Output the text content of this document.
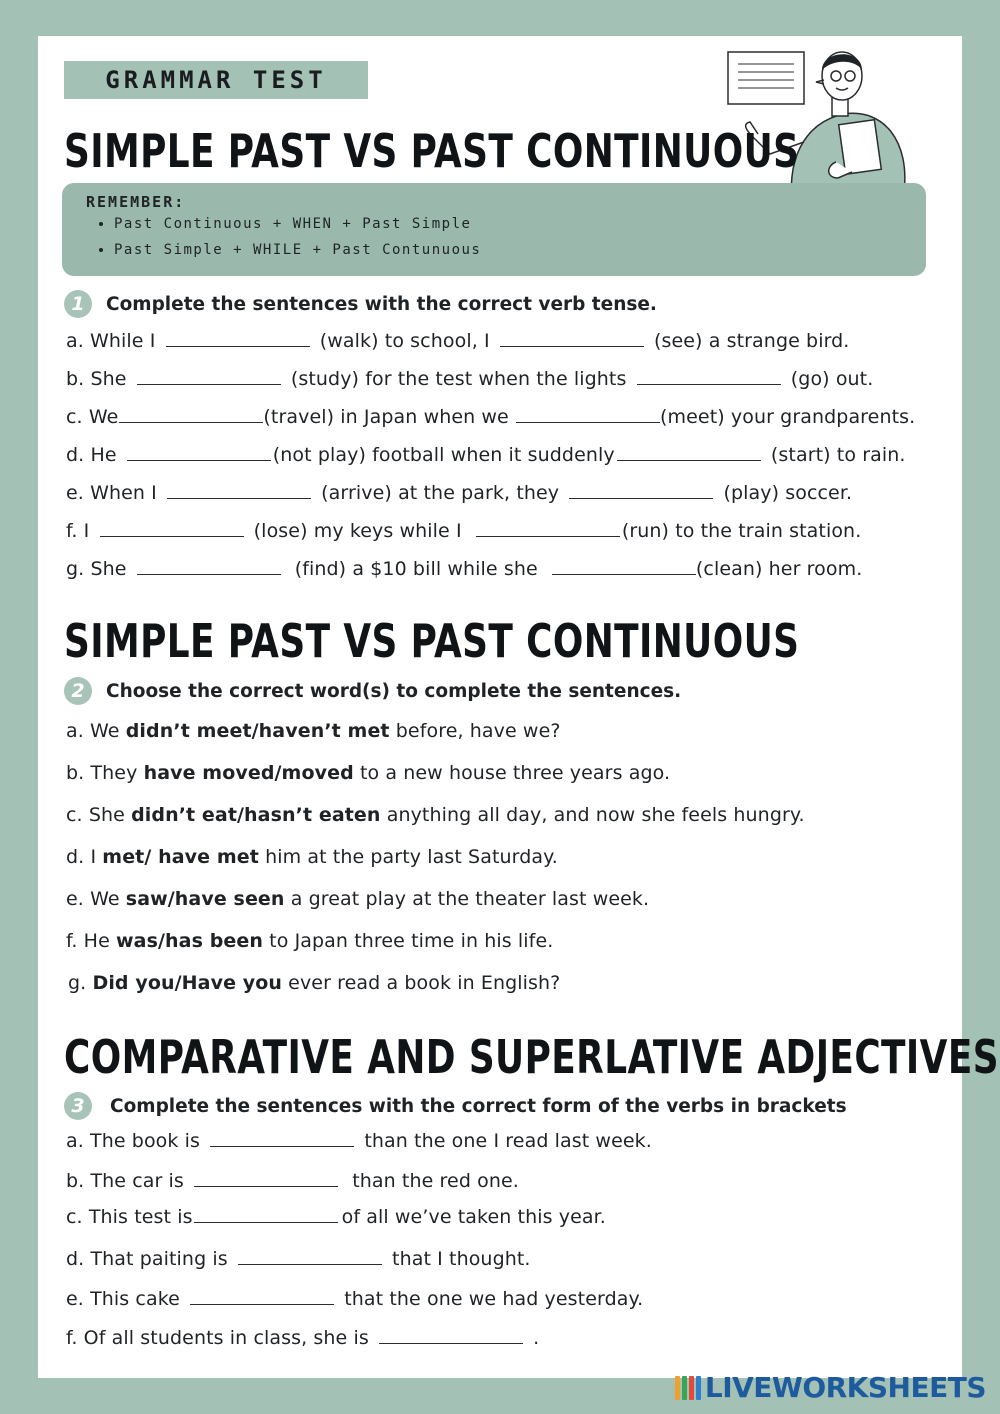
GRAMMAR TEST
SIMPLE PAST VS PAST CONTINUOUS
REMEMBER:
• Past Continuous + WHEN + Past Simple
• Past Simple + WHILE + Past Contunuous
1	Complete the sentences with the correct verb tense.
a. While I	(walk) to school, I	(see) a strange bird.
b. She	(study) for the test when the lights	(go) out.
c. We	(travel) in Japan when we	(meet) your grandparents.
d. He	(not play) football when it suddenly	(start) to rain.
e. When I	(arrive) at the park, they	(play) soccer.
f. I	(lose) my keys while I	(run) to the train station.
g. She	(find) a $10 bill while she	(clean) her room.
SIMPLE PAST VS PAST CONTINUOUS
2	Choose the correct word(s) to complete the sentences.
a. We didn’t meet/haven’t met before, have we?
b. They have moved/moved to a new house three years ago.
c. She didn’t eat/hasn’t eaten anything all day, and now she feels hungry.
d. I met/ have met him at the party last Saturday.
e. We saw/have seen a great play at the theater last week.
f. He was/has been to Japan three time in his life.
g. Did you/Have you ever read a book in English?
COMPARATIVE AND SUPERLATIVE ADJECTIVES
3	Complete the sentences with the correct form of the verbs in brackets
a. The book is	than the one I read last week.
b. The car is	than the red one.
c. This test is	of all we’ve taken this year.
d. That paiting is	that I thought.
e. This cake	that the one we had yesterday.
f. Of all students in class, she is	.
LIVEWORKSHEETS
